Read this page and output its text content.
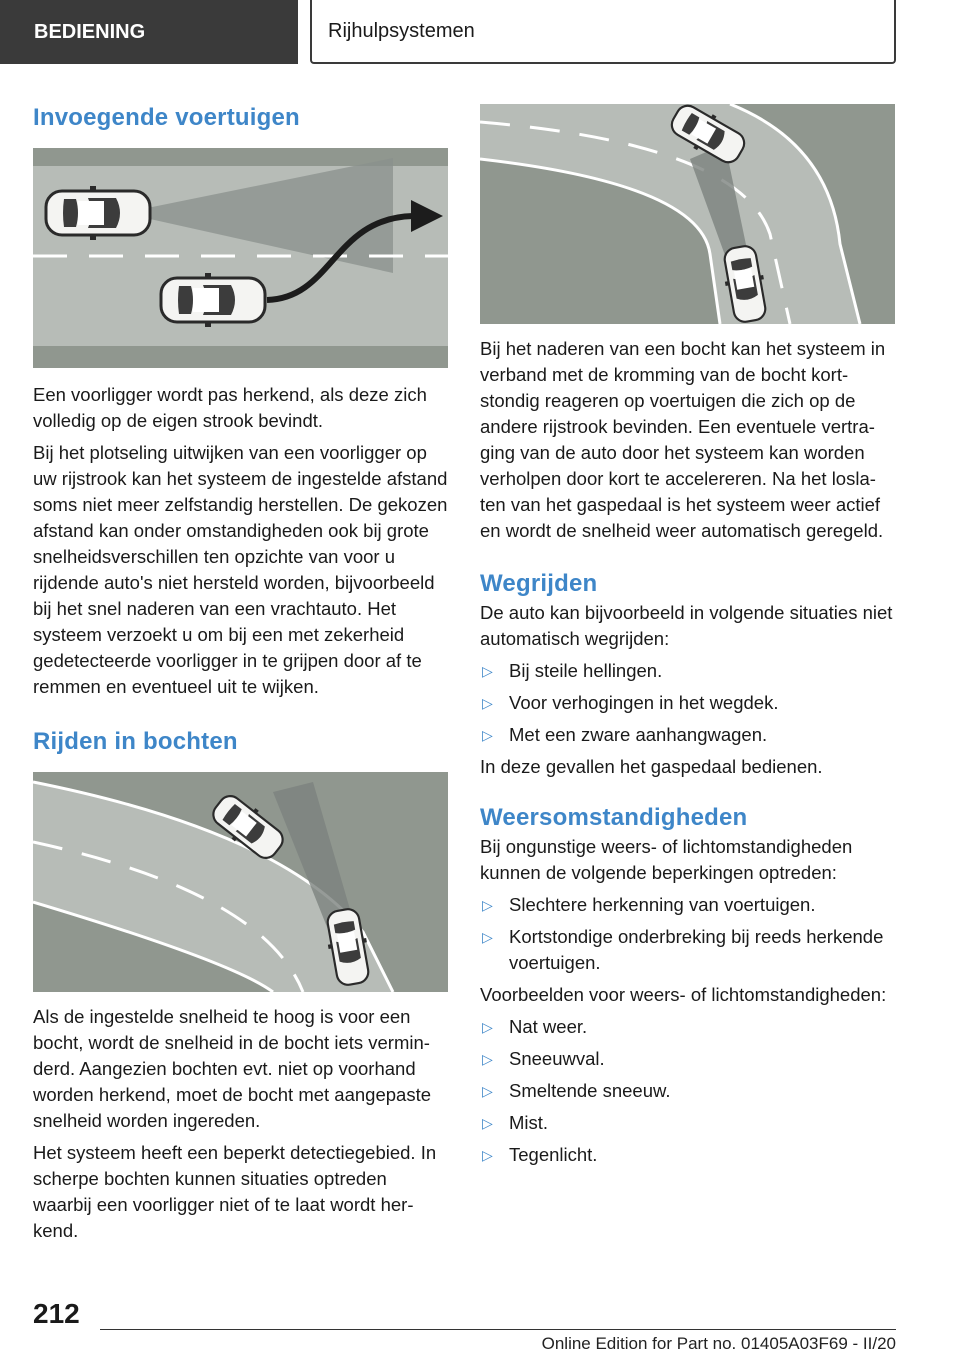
BEDIENING	Rijhulpsystemen
Invoegende voertuigen

Een voorligger wordt pas herkend, als deze zich volledig op de eigen strook bevindt.

Bij het plotseling uitwijken van een voorligger op uw rijstrook kan het systeem de ingestelde afstand soms niet meer zelfstandig herstellen. De gekozen afstand kan onder omstandigheden ook bij grote snelheidsverschillen ten opzichte van voor u rijdende auto's niet hersteld worden, bijvoorbeeld bij het snel naderen van een vrachtauto. Het systeem verzoekt u om bij een met zekerheid gedetecteerde voorligger in te grijpen door af te remmen en eventueel uit te wijken.

Rijden in bochten

Als de ingestelde snelheid te hoog is voor een bocht, wordt de snelheid in de bocht iets verminderd. Aangezien bochten evt. niet op voorhand worden herkend, moet de bocht met aangepaste snelheid worden ingereden.

Het systeem heeft een beperkt detectiegebied. In scherpe bochten kunnen situaties optreden waarbij een voorligger niet of te laat wordt herkend.

Bij het naderen van een bocht kan het systeem in verband met de kromming van de bocht kortstondig reageren op voertuigen die zich op de andere rijstrook bevinden. Een eventuele vertraging van de auto door het systeem kan worden verholpen door kort te accelereren. Na het loslaten van het gaspedaal is het systeem weer actief en wordt de snelheid weer automatisch geregeld.

Wegrijden

De auto kan bijvoorbeeld in volgende situaties niet automatisch wegrijden:

▷ Bij steile hellingen.
▷ Voor verhogingen in het wegdek.
▷ Met een zware aanhangwagen.

In deze gevallen het gaspedaal bedienen.

Weersomstandigheden

Bij ongunstige weers- of lichtomstandigheden kunnen de volgende beperkingen optreden:

▷ Slechtere herkenning van voertuigen.
▷ Kortstondige onderbreking bij reeds herkende voertuigen.

Voorbeelden voor weers- of lichtomstandigheden:

▷ Nat weer.
▷ Sneeuwval.
▷ Smeltende sneeuw.
▷ Mist.
▷ Tegenlicht.
212
Online Edition for Part no. 01405A03F69 - II/20
